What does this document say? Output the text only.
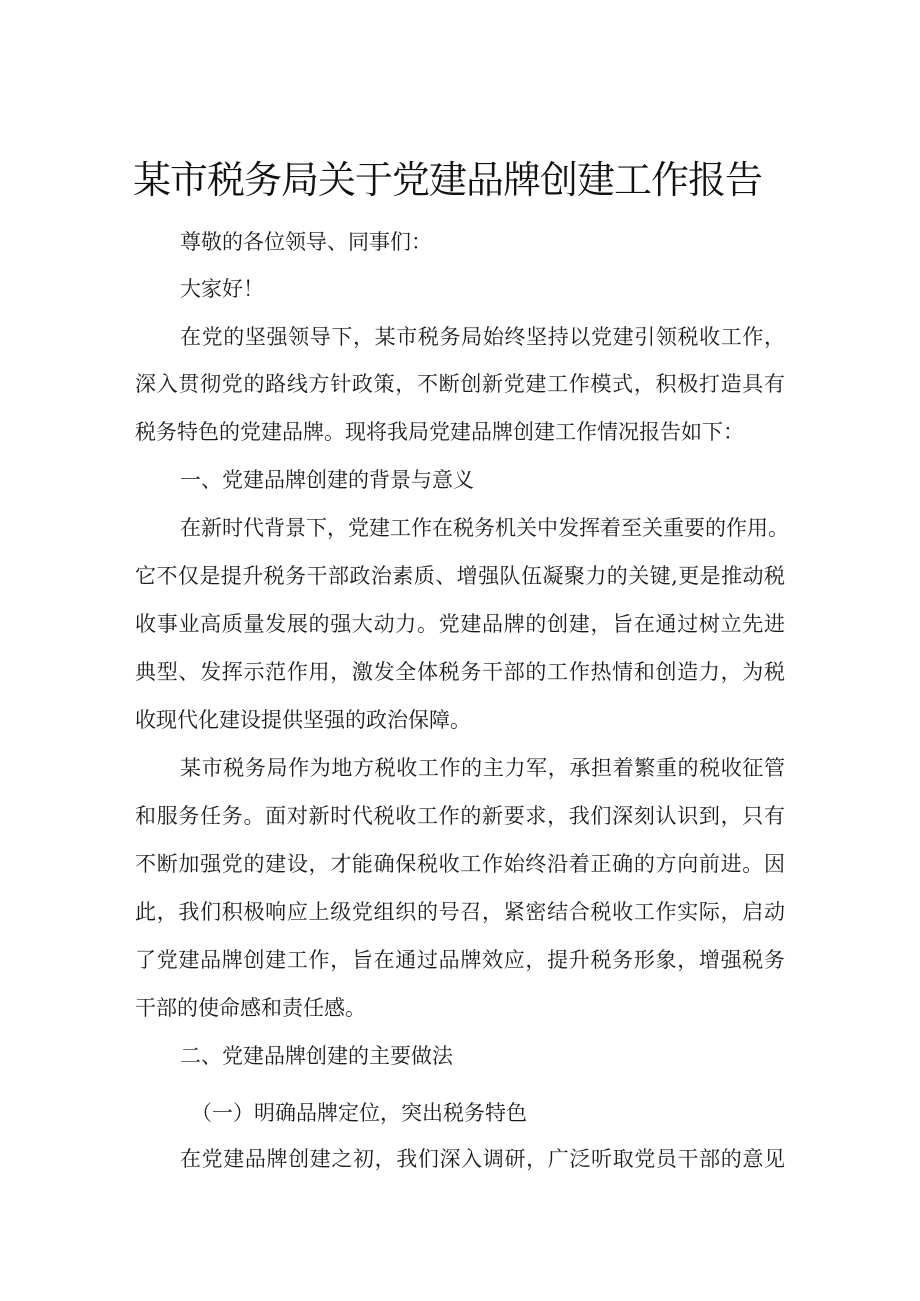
某市税务局关于党建品牌创建工作报告
尊敬的各位领导、同事们：
大家好！
在党的坚强领导下，某市税务局始终坚持以党建引领税收工作，
深入贯彻党的路线方针政策，不断创新党建工作模式，积极打造具有
税务特色的党建品牌。现将我局党建品牌创建工作情况报告如下：
一、党建品牌创建的背景与意义
在新时代背景下，党建工作在税务机关中发挥着至关重要的作用。
它不仅是提升税务干部政治素质、增强队伍凝聚力的关键,更是推动税
收事业高质量发展的强大动力。党建品牌的创建，旨在通过树立先进
典型、发挥示范作用，激发全体税务干部的工作热情和创造力，为税
收现代化建设提供坚强的政治保障。
某市税务局作为地方税收工作的主力军，承担着繁重的税收征管
和服务任务。面对新时代税收工作的新要求，我们深刻认识到，只有
不断加强党的建设，才能确保税收工作始终沿着正确的方向前进。因
此，我们积极响应上级党组织的号召，紧密结合税收工作实际，启动
了党建品牌创建工作，旨在通过品牌效应，提升税务形象，增强税务
干部的使命感和责任感。
二、党建品牌创建的主要做法
（一）明确品牌定位，突出税务特色
在党建品牌创建之初，我们深入调研，广泛听取党员干部的意见
